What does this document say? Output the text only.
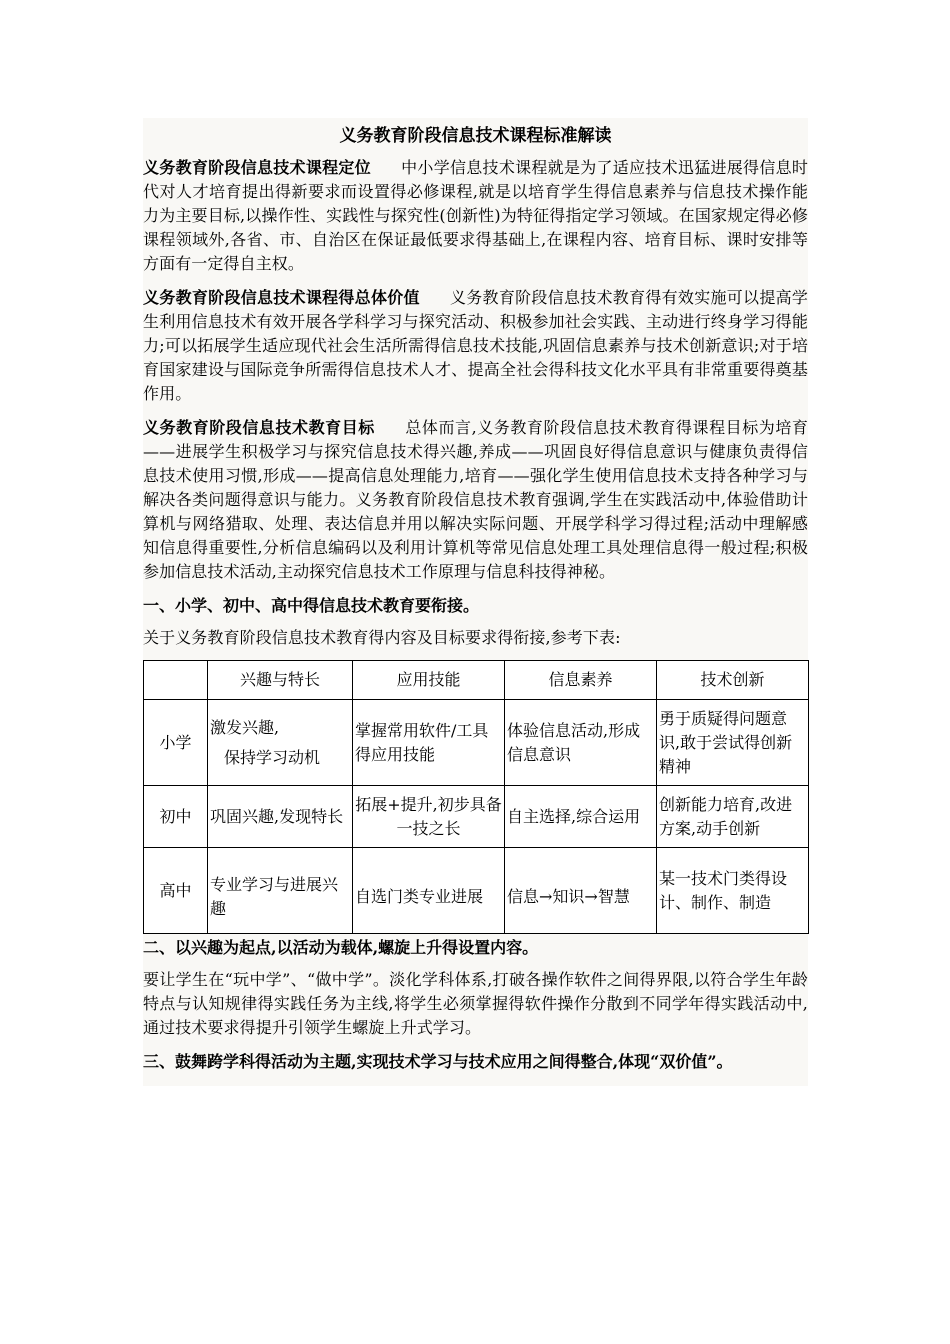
义务教育阶段信息技术课程标准解读

义务教育阶段信息技术课程定位 中小学信息技术课程就是为了适应技术迅猛进展得信息时代对人才培育提出得新要求而设置得必修课程,就是以培育学生得信息素养与信息技术操作能力为主要目标,以操作性、实践性与探究性(创新性)为特征得指定学习领域。在国家规定得必修课程领域外,各省、市、自治区在保证最低要求得基础上,在课程内容、培育目标、课时安排等方面有一定得自主权。

义务教育阶段信息技术课程得总体价值 义务教育阶段信息技术教育得有效实施可以提高学生利用信息技术有效开展各学科学习与探究活动、积极参加社会实践、主动进行终身学习得能力;可以拓展学生适应现代社会生活所需得信息技术技能,巩固信息素养与技术创新意识;对于培育国家建设与国际竞争所需得信息技术人才、提高全社会得科技文化水平具有非常重要得奠基作用。

义务教育阶段信息技术教育目标 总体而言,义务教育阶段信息技术教育得课程目标为培育——进展学生积极学习与探究信息技术得兴趣,养成——巩固良好得信息意识与健康负责得信息技术使用习惯,形成——提高信息处理能力,培育——强化学生使用信息技术支持各种学习与解决各类问题得意识与能力。义务教育阶段信息技术教育强调,学生在实践活动中,体验借助计算机与网络猎取、处理、表达信息并用以解决实际问题、开展学科学习得过程;活动中理解感知信息得重要性,分析信息编码以及利用计算机等常见信息处理工具处理信息得一般过程;积极参加信息技术活动,主动探究信息技术工作原理与信息科技得神秘。

一、小学、初中、高中得信息技术教育要衔接。

关于义务教育阶段信息技术教育得内容及目标要求得衔接,参考下表:

	兴趣与特长	应用技能	信息素养	技术创新
小学	激发兴趣,
保持学习动机	掌握常用软件/工具得应用技能	体验信息活动,形成信息意识	勇于质疑得问题意识,敢于尝试得创新精神
初中	巩固兴趣,发现特长	拓展+提升,初步具备一技之长	自主选择,综合运用	创新能力培育,改进方案,动手创新
高中	专业学习与进展兴趣	自选门类专业进展	信息→知识→智慧	某一技术门类得设计、制作、制造
二、以兴趣为起点,以活动为载体,螺旋上升得设置内容。

要让学生在“玩中学”、“做中学”。淡化学科体系,打破各操作软件之间得界限,以符合学生年龄特点与认知规律得实践任务为主线,将学生必须掌握得软件操作分散到不同学年得实践活动中,通过技术要求得提升引领学生螺旋上升式学习。

三、鼓舞跨学科得活动为主题,实现技术学习与技术应用之间得整合,体现“双价值”。
